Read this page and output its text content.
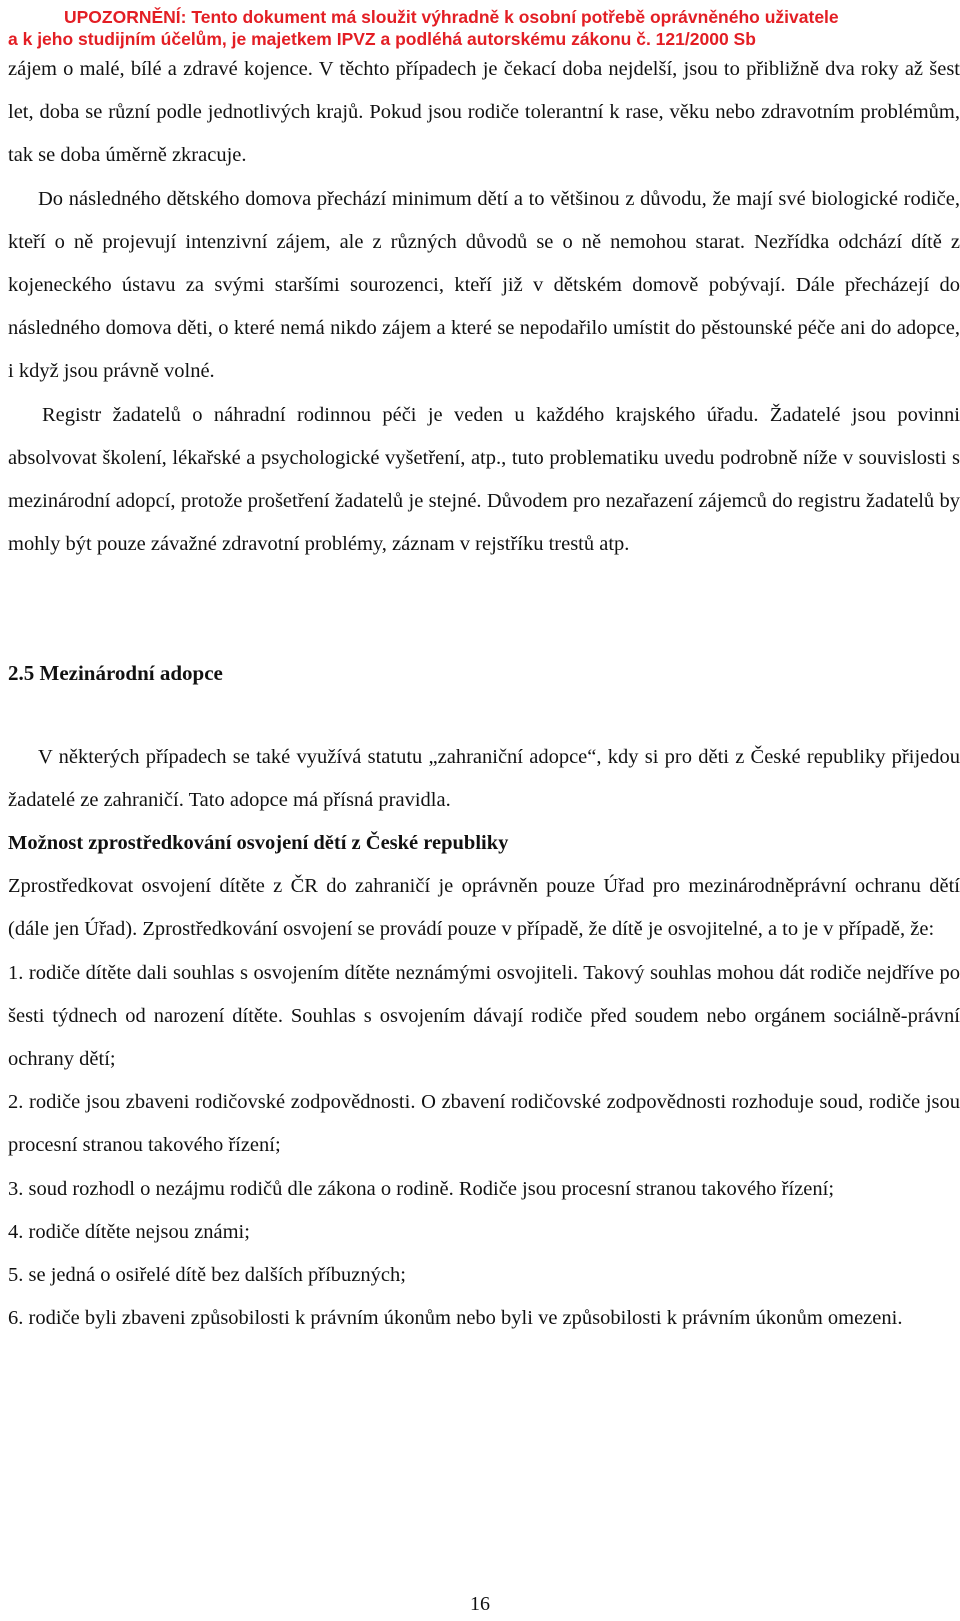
UPOZORNĚNÍ: Tento dokument má sloužit výhradně k osobní potřebě oprávněného uživatele
a k jeho studijním účelům, je majetkem IPVZ a podléhá autorskému zákonu č. 121/2000 Sb

zájem o malé, bílé a zdravé kojence. V těchto případech je čekací doba nejdelší, jsou to přibližně dva roky až šest let, doba se různí podle jednotlivých krajů. Pokud jsou rodiče tolerantní k rase, věku nebo zdravotním problémům, tak se doba úměrně zkracuje.

Do následného dětského domova přechází minimum dětí a to většinou z důvodu, že mají své biologické rodiče, kteří o ně projevují intenzivní zájem, ale z různých důvodů se o ně nemohou starat. Nezřídka odchází dítě z kojeneckého ústavu za svými staršími sourozenci, kteří již v dětském domově pobývají. Dále přecházejí do následného domova děti, o které nemá nikdo zájem a které se nepodařilo umístit do pěstounské péče ani do adopce, i když jsou právně volné.

Registr žadatelů o náhradní rodinnou péči je veden u každého krajského úřadu. Žadatelé jsou povinni absolvovat školení, lékařské a psychologické vyšetření, atp., tuto problematiku uvedu podrobně níže v souvislosti s mezinárodní adopcí, protože prošetření žadatelů je stejné. Důvodem pro nezařazení zájemců do registru žadatelů by mohly být pouze závažné zdravotní problémy, záznam v rejstříku trestů atp.

2.5 Mezinárodní adopce

V některých případech se také využívá statutu „zahraniční adopce“, kdy si pro děti z České republiky přijedou žadatelé ze zahraničí. Tato adopce má přísná pravidla.

Možnost zprostředkování osvojení dětí z České republiky

Zprostředkovat osvojení dítěte z ČR do zahraničí je oprávněn pouze Úřad pro mezinárodněprávní ochranu dětí (dále jen Úřad). Zprostředkování osvojení se provádí pouze v případě, že dítě je osvojitelné, a to je v případě, že:

1. rodiče dítěte dali souhlas s osvojením dítěte neznámými osvojiteli. Takový souhlas mohou dát rodiče nejdříve po šesti týdnech od narození dítěte. Souhlas s osvojením dávají rodiče před soudem nebo orgánem sociálně-právní ochrany dětí;

2. rodiče jsou zbaveni rodičovské zodpovědnosti. O zbavení rodičovské zodpovědnosti rozhoduje soud, rodiče jsou procesní stranou takového řízení;

3. soud rozhodl o nezájmu rodičů dle zákona o rodině. Rodiče jsou procesní stranou takového řízení;

4. rodiče dítěte nejsou známi;

5. se jedná o osiřelé dítě bez dalších příbuzných;

6. rodiče byli zbaveni způsobilosti k právním úkonům nebo byli ve způsobilosti k právním úkonům omezeni.

16
